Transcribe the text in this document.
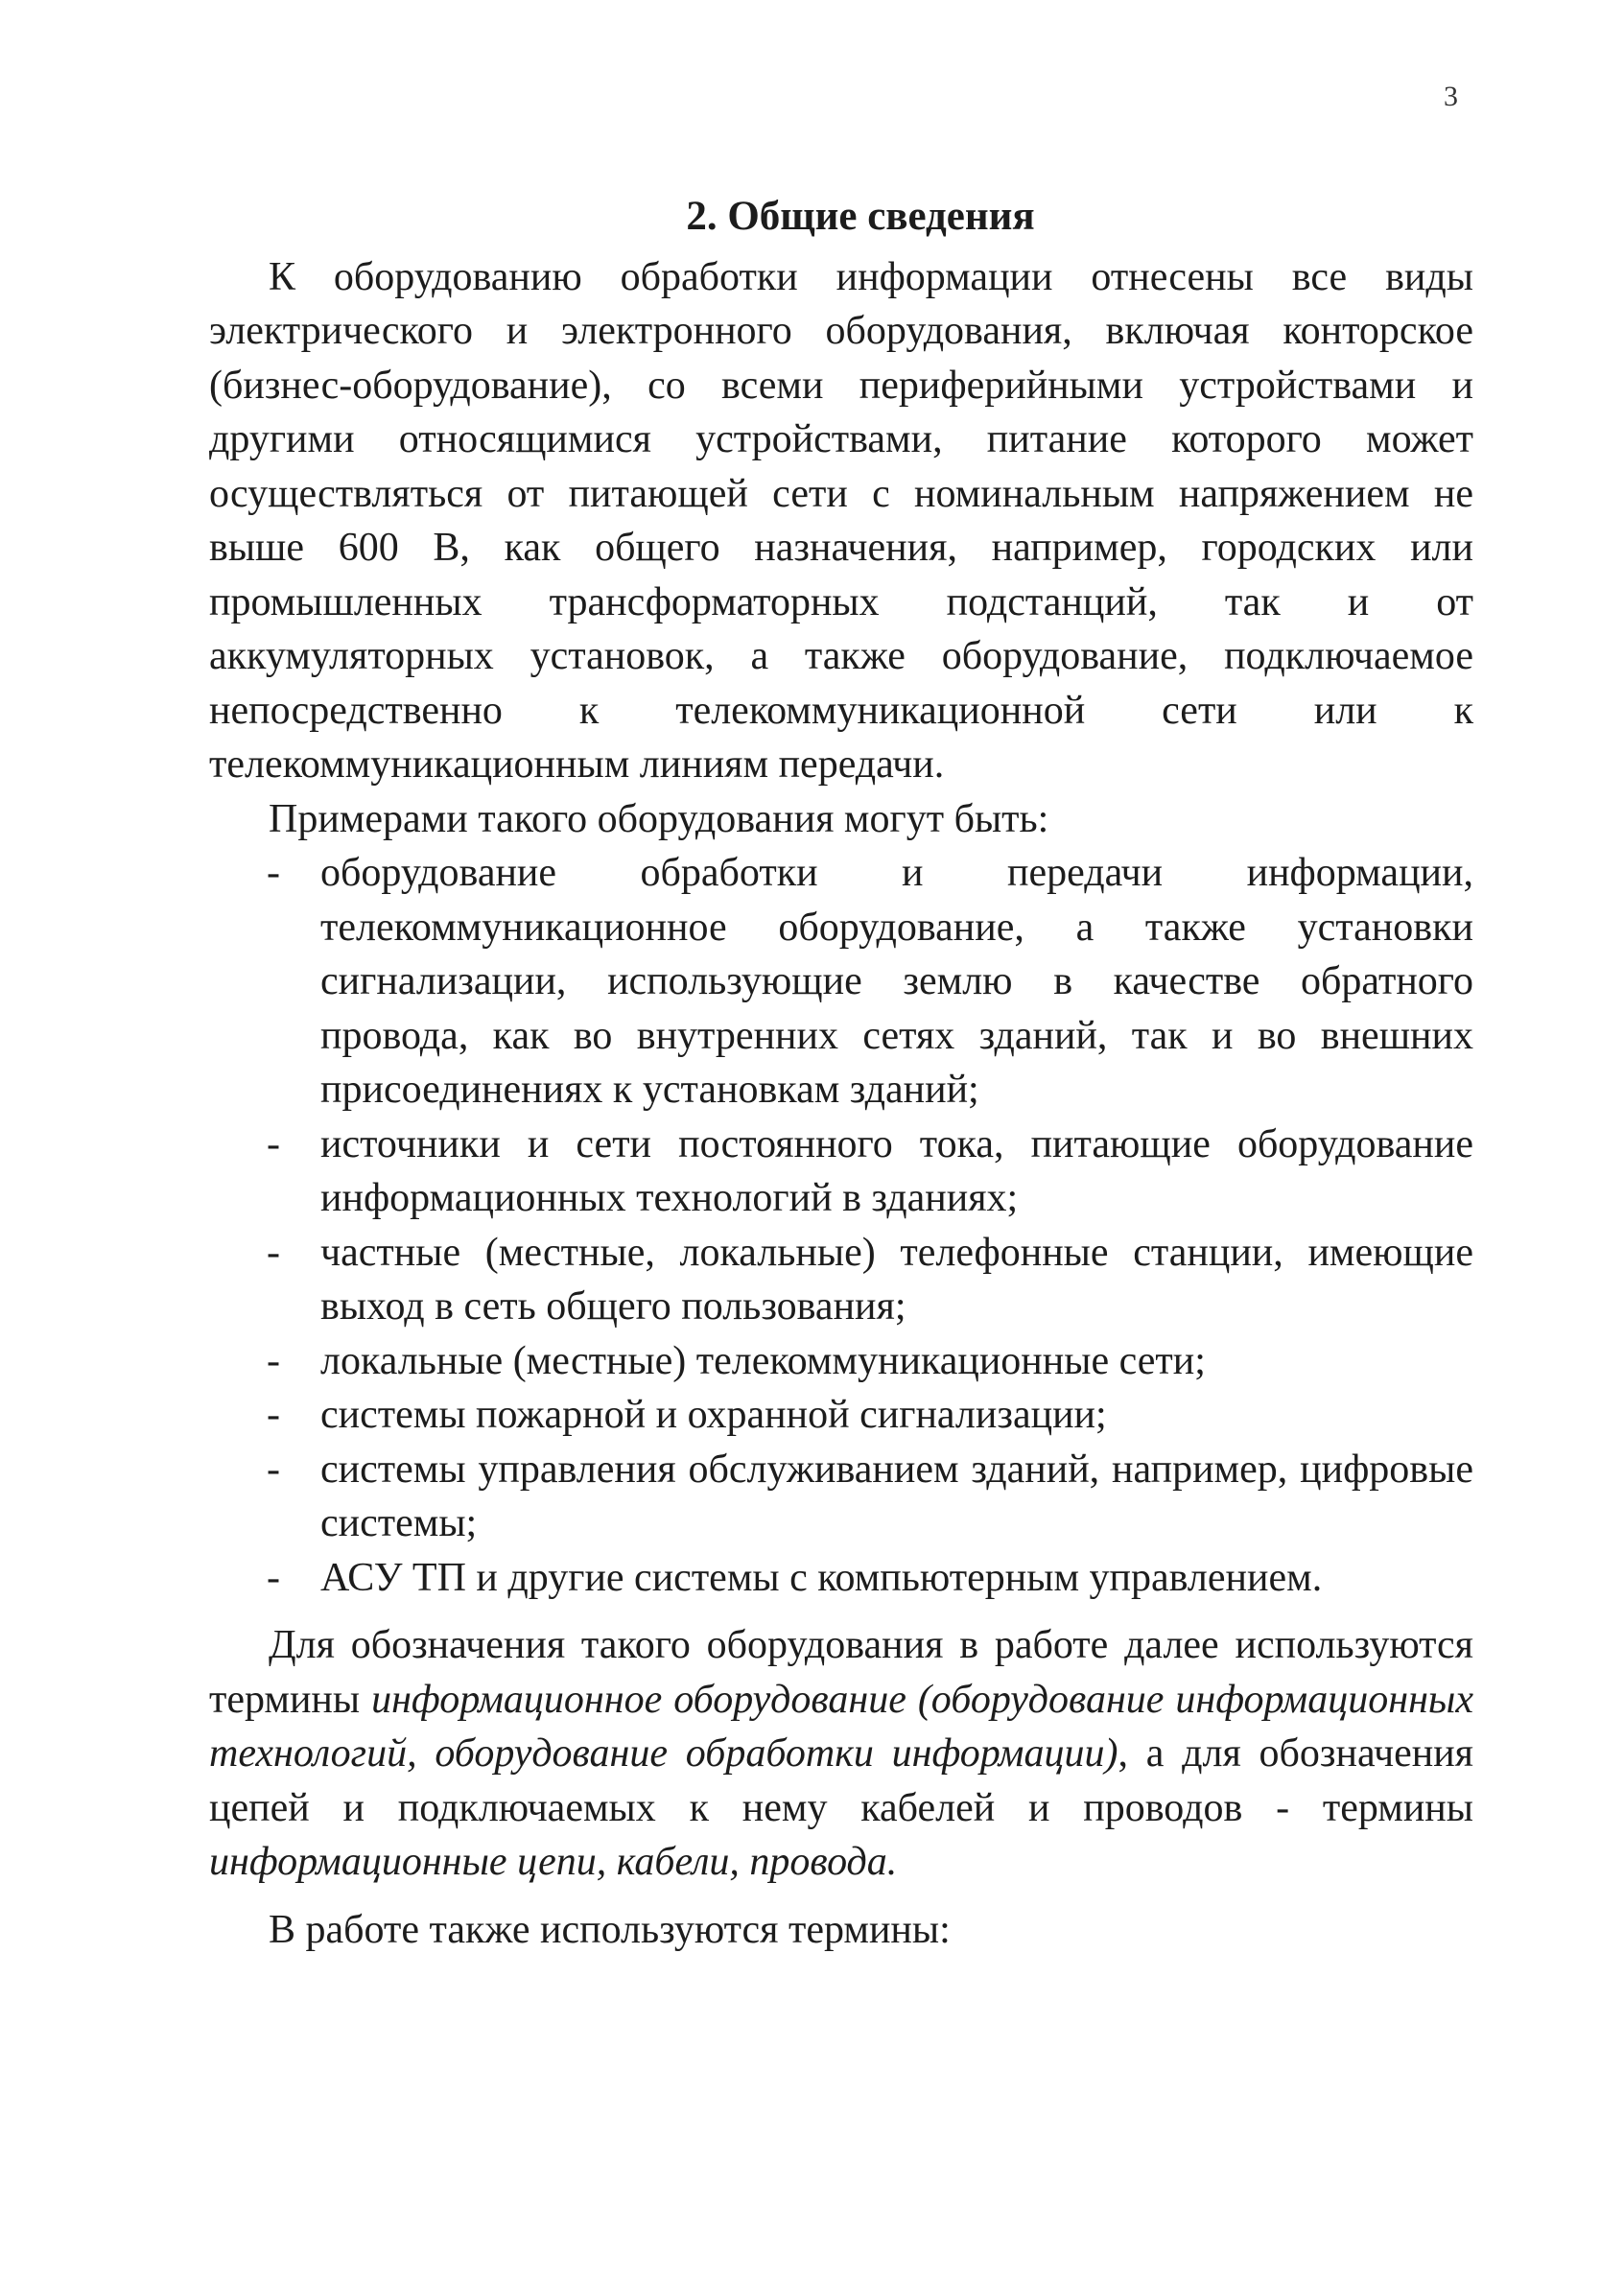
3
2. Общие сведения

К оборудованию обработки информации отнесены все виды электрического и электронного оборудования, включая конторское (бизнес-оборудование), со всеми периферийными устройствами и другими относящимися устройствами, питание которого может осуществляться от питающей сети с номинальным напряжением не выше 600 В, как общего назначения, например, городских или промышленных трансформаторных подстанций, так и от аккумуляторных установок, а также оборудование, подключаемое непосредственно к телекоммуникационной сети или к телекоммуникационным линиям передачи.

Примерами такого оборудования могут быть:

- оборудование обработки и передачи информации, телекоммуникационное оборудование, а также установки сигнализации, использующие землю в качестве обратного провода, как во внутренних сетях зданий, так и во внешних присоединениях к установкам зданий;
- источники и сети постоянного тока, питающие оборудование информационных технологий в зданиях;
- частные (местные, локальные) телефонные станции, имеющие выход в сеть общего пользования;
- локальные (местные) телекоммуникационные сети;
- системы пожарной и охранной сигнализации;
- системы управления обслуживанием зданий, например, цифровые системы;
- АСУ ТП и другие системы с компьютерным управлением.

Для обозначения такого оборудования в работе далее используются термины информационное оборудование (оборудование информационных технологий, оборудование обработки информации), а для обозначения цепей и подключаемых к нему кабелей и проводов - термины информационные цепи, кабели, провода.

В работе также используются термины:
